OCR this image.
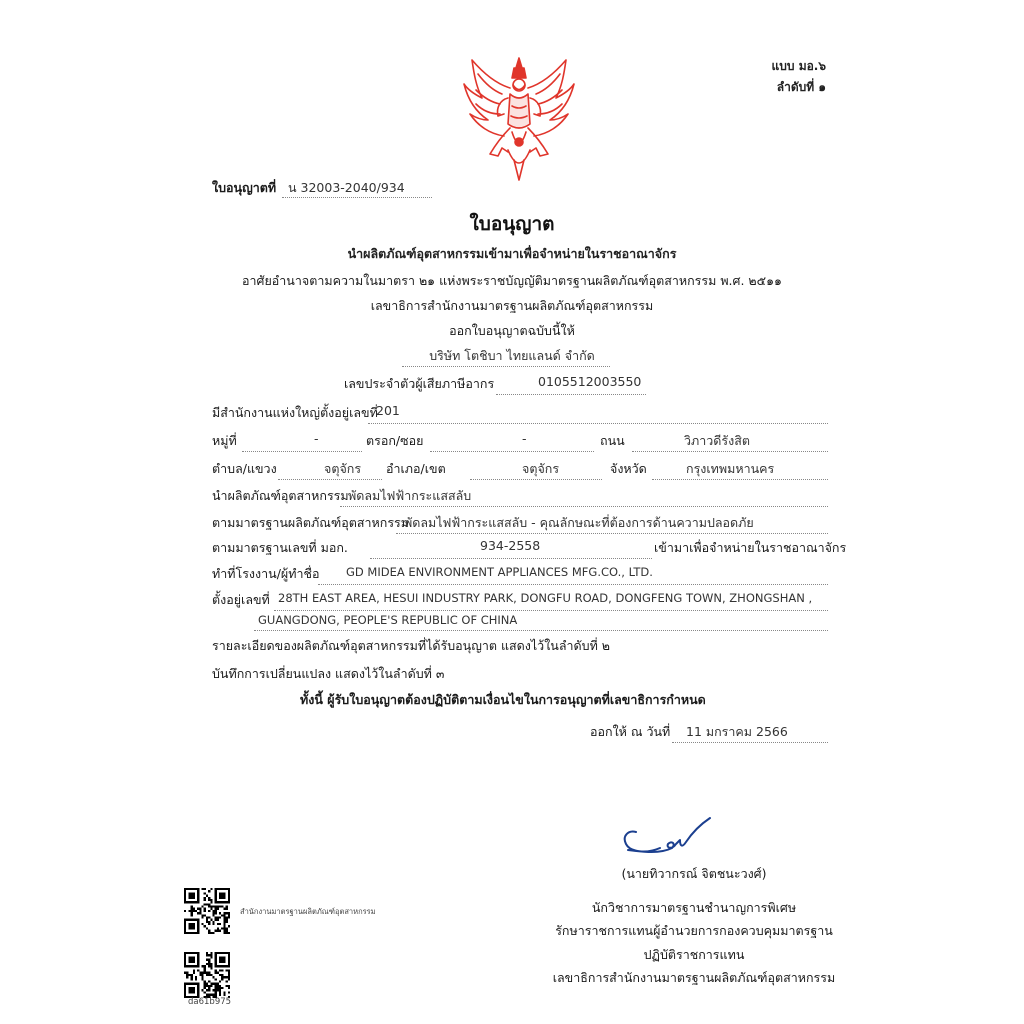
แบบ มอ.๖
ลำดับที่ ๑
ใบอนุญาตที่ น 32003-2040/934
ใบอนุญาต
นำผลิตภัณฑ์อุตสาหกรรมเข้ามาเพื่อจำหน่ายในราชอาณาจักร
อาศัยอำนาจตามความในมาตรา ๒๑ แห่งพระราชบัญญัติมาตรฐานผลิตภัณฑ์อุตสาหกรรม พ.ศ. ๒๕๑๑
เลขาธิการสำนักงานมาตรฐานผลิตภัณฑ์อุตสาหกรรม
ออกใบอนุญาตฉบับนี้ให้
บริษัท โตชิบา ไทยแลนด์ จำกัด
เลขประจำตัวผู้เสียภาษีอากร	0105512003550
มีสำนักงานแห่งใหญ่ตั้งอยู่เลขที่
201
หมู่ที่	-	ตรอก/ซอย	-	ถนน	วิภาวดีรังสิต
ตำบล/แขวง	จตุจักร อำเภอ/เขต	จตุจักร	จังหวัด	กรุงเทพมหานคร
นำผลิตภัณฑ์อุตสาหกรรม พัดลมไฟฟ้ากระแสสลับ
ตามมาตรฐานผลิตภัณฑ์อุตสาหกรรม
พัดลมไฟฟ้ากระแสสลับ - คุณลักษณะที่ต้องการด้านความปลอดภัย
ตามมาตรฐานเลขที่ มอก.	934-2558	เข้ามาเพื่อจำหน่ายในราชอาณาจักร
ทำที่โรงงาน/ผู้ทำชื่อ GD MIDEA ENVIRONMENT APPLIANCES MFG.CO., LTD.
ตั้งอยู่เลขที่ 28TH EAST AREA, HESUI INDUSTRY PARK, DONGFU ROAD, DONGFENG TOWN, ZHONGSHAN ,
GUANGDONG, PEOPLE'S REPUBLIC OF CHINA
รายละเอียดของผลิตภัณฑ์อุตสาหกรรมที่ได้รับอนุญาต แสดงไว้ในลำดับที่ ๒
บันทึกการเปลี่ยนแปลง แสดงไว้ในลำดับที่ ๓
ทั้งนี้ ผู้รับใบอนุญาตต้องปฏิบัติตามเงื่อนไขในการอนุญาตที่เลขาธิการกำหนด
ออกให้ ณ วันที่ 11 มกราคม 2566
(นายทิวากรณ์ จิตชนะวงศ์)
นักวิชาการมาตรฐานชำนาญการพิเศษ
รักษาราชการแทนผู้อำนวยการกองควบคุมมาตรฐาน
ปฏิบัติราชการแทน
เลขาธิการสำนักงานมาตรฐานผลิตภัณฑ์อุตสาหกรรม
สำนักงานมาตรฐานผลิตภัณฑ์อุตสาหกรรม
da61b975
